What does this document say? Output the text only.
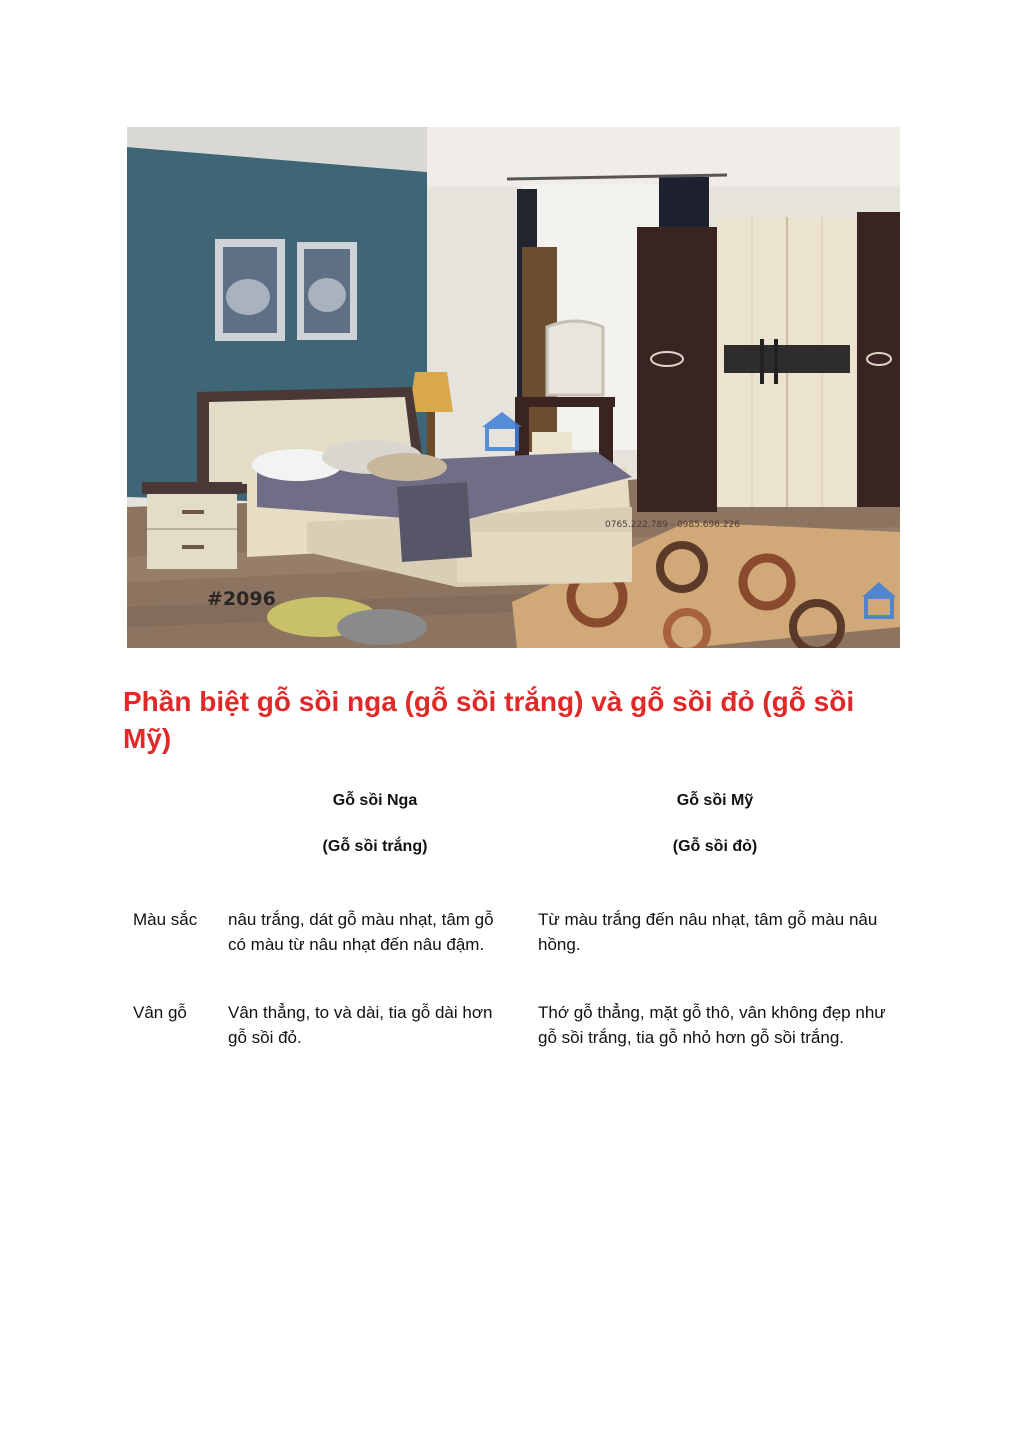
#2096
0765.222.789 - 0985.696.226
Phần biệt gỗ sồi nga (gỗ sồi trắng) và gỗ sồi đỏ (gỗ sồi Mỹ)
Gỗ sồi Nga
(Gỗ sồi trắng)
Gỗ sồi Mỹ
(Gỗ sồi đỏ)
Màu sắc	nâu trắng, dát gỗ màu nhạt, tâm gỗ có màu từ nâu nhạt đến nâu đậm.
Từ màu trắng đến nâu nhạt, tâm gỗ màu nâu hồng.
Vân gỗ	Vân thẳng, to và dài, tia gỗ dài hơn gỗ sồi đỏ.
Thớ gỗ thẳng, mặt gỗ thô, vân không đẹp như gỗ sồi trắng, tia gỗ nhỏ hơn gỗ sồi trắng.
